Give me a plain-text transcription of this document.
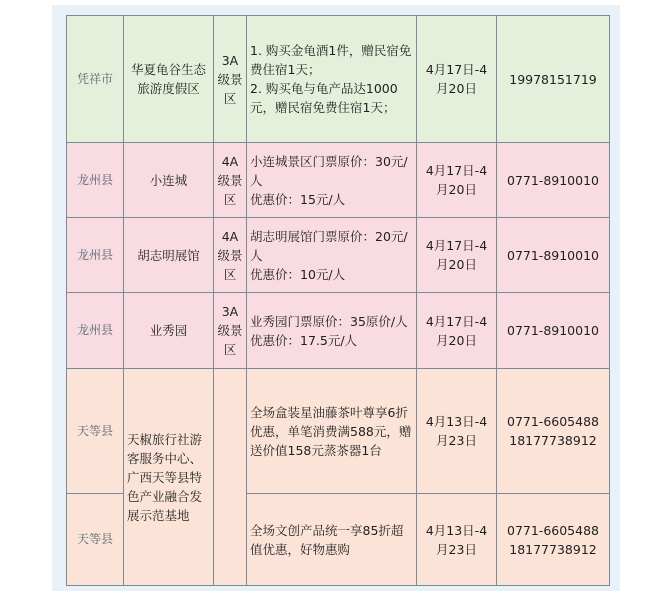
凭祥市	华夏龟谷生态旅游度假区	3A级景区	1. 购买金龟酒1件，赠民宿免费住宿1天；
2. 购买龟与龟产品达1000元，赠民宿免费住宿1天；	4月17日-4月20日	19978151719
龙州县	小连城	4A级景区	小连城景区门票原价：30元/人
优惠价：15元/人	4月17日-4月20日	0771-8910010
龙州县	胡志明展馆	4A级景区	胡志明展馆门票原价：20元/人
优惠价：10元/人	4月17日-4月20日	0771-8910010
龙州县	业秀园	3A级景区	业秀园门票原价：35原价/人
优惠价：17.5元/人	4月17日-4月20日	0771-8910010
天等县	天椒旅行社游客服务中心、广西天等县特色产业融合发展示范基地		全场盒装星油藤茶叶尊享6折优惠，单笔消费满588元，赠送价值158元蒸茶器1台	4月13日-4月23日	0771-6605488
18177738912
天等县			全场文创产品统一享85折超值优惠，好物惠购	4月13日-4月23日	0771-6605488
18177738912
